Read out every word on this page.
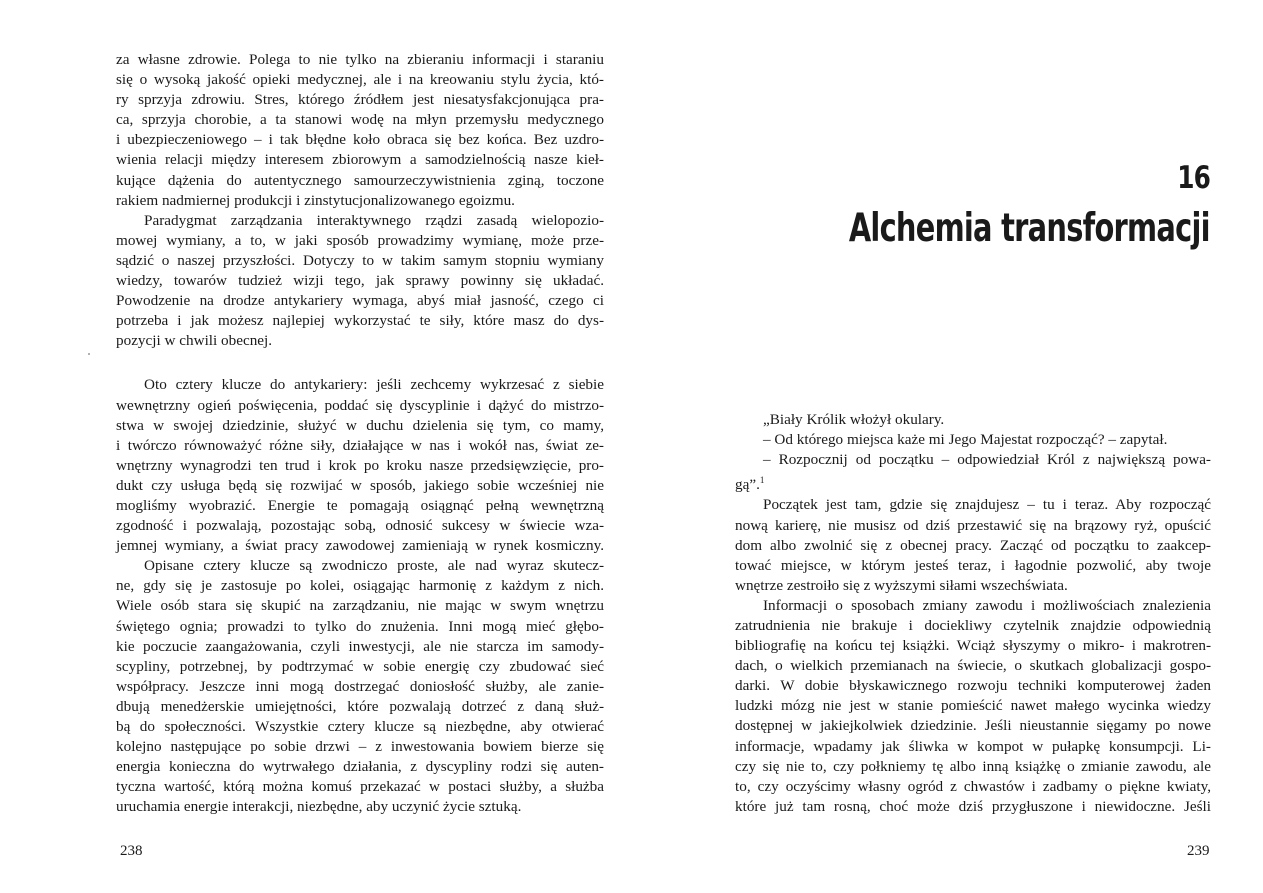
za własne zdrowie. Polega to nie tylko na zbieraniu informacji i staraniu
się o wysoką jakość opieki medycznej, ale i na kreowaniu stylu życia, któ-
ry sprzyja zdrowiu. Stres, którego źródłem jest niesatysfakcjonująca pra-
ca, sprzyja chorobie, a ta stanowi wodę na młyn przemysłu medycznego
i ubezpieczeniowego – i tak błędne koło obraca się bez końca. Bez uzdro-
wienia relacji między interesem zbiorowym a samodzielnością nasze kieł-
kujące dążenia do autentycznego samourzeczywistnienia zginą, toczone
rakiem nadmiernej produkcji i zinstytucjonalizowanego egoizmu.
Paradygmat zarządzania interaktywnego rządzi zasadą wielopozio-
mowej wymiany, a to, w jaki sposób prowadzimy wymianę, może prze-
sądzić o naszej przyszłości. Dotyczy to w takim samym stopniu wymiany
wiedzy, towarów tudzież wizji tego, jak sprawy powinny się układać.
Powodzenie na drodze antykariery wymaga, abyś miał jasność, czego ci
potrzeba i jak możesz najlepiej wykorzystać te siły, które masz do dys-
pozycji w chwili obecnej.
Oto cztery klucze do antykariery: jeśli zechcemy wykrzesać z siebie
wewnętrzny ogień poświęcenia, poddać się dyscyplinie i dążyć do mistrzo-
stwa w swojej dziedzinie, służyć w duchu dzielenia się tym, co mamy,
i twórczo równoważyć różne siły, działające w nas i wokół nas, świat ze-
wnętrzny wynagrodzi ten trud i krok po kroku nasze przedsięwzięcie, pro-
dukt czy usługa będą się rozwijać w sposób, jakiego sobie wcześniej nie
mogliśmy wyobrazić. Energie te pomagają osiągnąć pełną wewnętrzną
zgodność i pozwalają, pozostając sobą, odnosić sukcesy w świecie wza-
jemnej wymiany, a świat pracy zawodowej zamieniają w rynek kosmiczny.
Opisane cztery klucze są zwodniczo proste, ale nad wyraz skutecz-
ne, gdy się je zastosuje po kolei, osiągając harmonię z każdym z nich.
Wiele osób stara się skupić na zarządzaniu, nie mając w swym wnętrzu
świętego ognia; prowadzi to tylko do znużenia. Inni mogą mieć głębo-
kie poczucie zaangażowania, czyli inwestycji, ale nie starcza im samody-
scypliny, potrzebnej, by podtrzymać w sobie energię czy zbudować sieć
współpracy. Jeszcze inni mogą dostrzegać doniosłość służby, ale zanie-
dbują menedżerskie umiejętności, które pozwalają dotrzeć z daną służ-
bą do społeczności. Wszystkie cztery klucze są niezbędne, aby otwierać
kolejno następujące po sobie drzwi – z inwestowania bowiem bierze się
energia konieczna do wytrwałego działania, z dyscypliny rodzi się auten-
tyczna wartość, którą można komuś przekazać w postaci służby, a służba
uruchamia energie interakcji, niezbędne, aby uczynić życie sztuką.
238
16
Alchemia transformacji
„Biały Królik włożył okulary.
– Od którego miejsca każe mi Jego Majestat rozpocząć? – zapytał.
– Rozpocznij od początku – odpowiedział Król z największą powa-
gą”.$^1$
Początek jest tam, gdzie się znajdujesz – tu i teraz. Aby rozpocząć
nową karierę, nie musisz od dziś przestawić się na brązowy ryż, opuścić
dom albo zwolnić się z obecnej pracy. Zacząć od początku to zaakcep-
tować miejsce, w którym jesteś teraz, i łagodnie pozwolić, aby twoje
wnętrze zestroiło się z wyższymi siłami wszechświata.
Informacji o sposobach zmiany zawodu i możliwościach znalezienia
zatrudnienia nie brakuje i dociekliwy czytelnik znajdzie odpowiednią
bibliografię na końcu tej książki. Wciąż słyszymy o mikro- i makrotren-
dach, o wielkich przemianach na świecie, o skutkach globalizacji gospo-
darki. W dobie błyskawicznego rozwoju techniki komputerowej żaden
ludzki mózg nie jest w stanie pomieścić nawet małego wycinka wiedzy
dostępnej w jakiejkolwiek dziedzinie. Jeśli nieustannie sięgamy po nowe
informacje, wpadamy jak śliwka w kompot w pułapkę konsumpcji. Li-
czy się nie to, czy połkniemy tę albo inną książkę o zmianie zawodu, ale
to, czy oczyścimy własny ogród z chwastów i zadbamy o piękne kwiaty,
które już tam rosną, choć może dziś przygłuszone i niewidoczne. Jeśli
239
